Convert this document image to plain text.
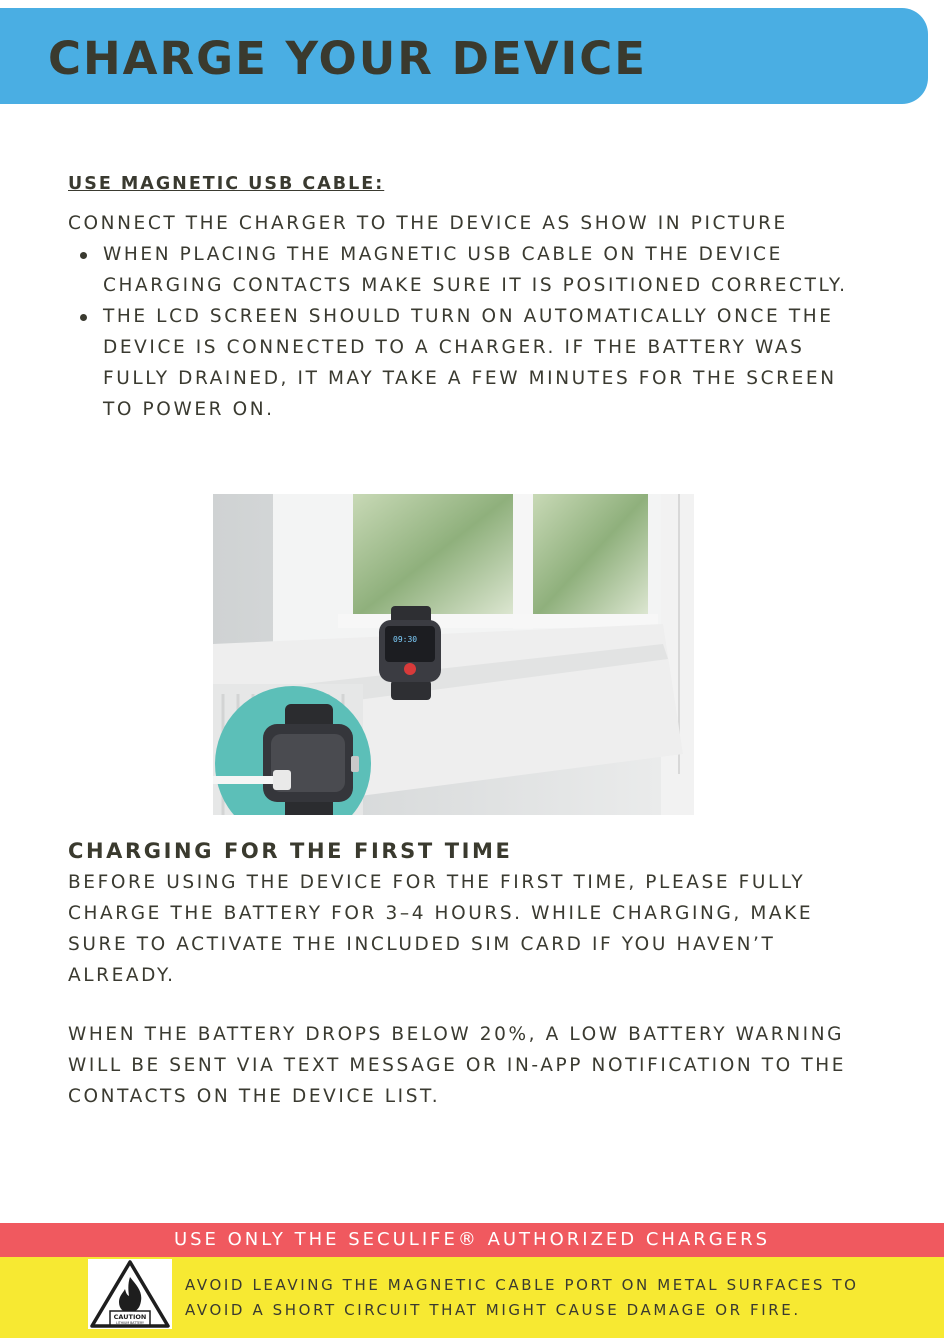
CHARGE YOUR DEVICE

USE MAGNETIC USB CABLE:

CONNECT THE CHARGER TO THE DEVICE AS SHOW IN PICTURE

WHEN PLACING THE MAGNETIC USB CABLE ON THE DEVICE CHARGING CONTACTS MAKE SURE IT IS POSITIONED CORRECTLY.
THE LCD SCREEN SHOULD TURN ON AUTOMATICALLY ONCE THE DEVICE IS CONNECTED TO A CHARGER. IF THE BATTERY WAS FULLY DRAINED, IT MAY TAKE A FEW MINUTES FOR THE SCREEN TO POWER ON.
09:30
CHARGING FOR THE FIRST TIME

BEFORE USING THE DEVICE FOR THE FIRST TIME, PLEASE FULLY CHARGE THE BATTERY FOR 3–4 HOURS. WHILE CHARGING, MAKE SURE TO ACTIVATE THE INCLUDED SIM CARD IF YOU HAVEN’T ALREADY.

WHEN THE BATTERY DROPS BELOW 20%, A LOW BATTERY WARNING WILL BE SENT VIA TEXT MESSAGE OR IN-APP NOTIFICATION TO THE CONTACTS ON THE DEVICE LIST.

USE ONLY THE SECULIFE® AUTHORIZED CHARGERS
CAUTION
LITHIUM BATTERY

AVOID LEAVING THE MAGNETIC CABLE PORT ON METAL SURFACES TO AVOID A SHORT CIRCUIT THAT MIGHT CAUSE DAMAGE OR FIRE.
